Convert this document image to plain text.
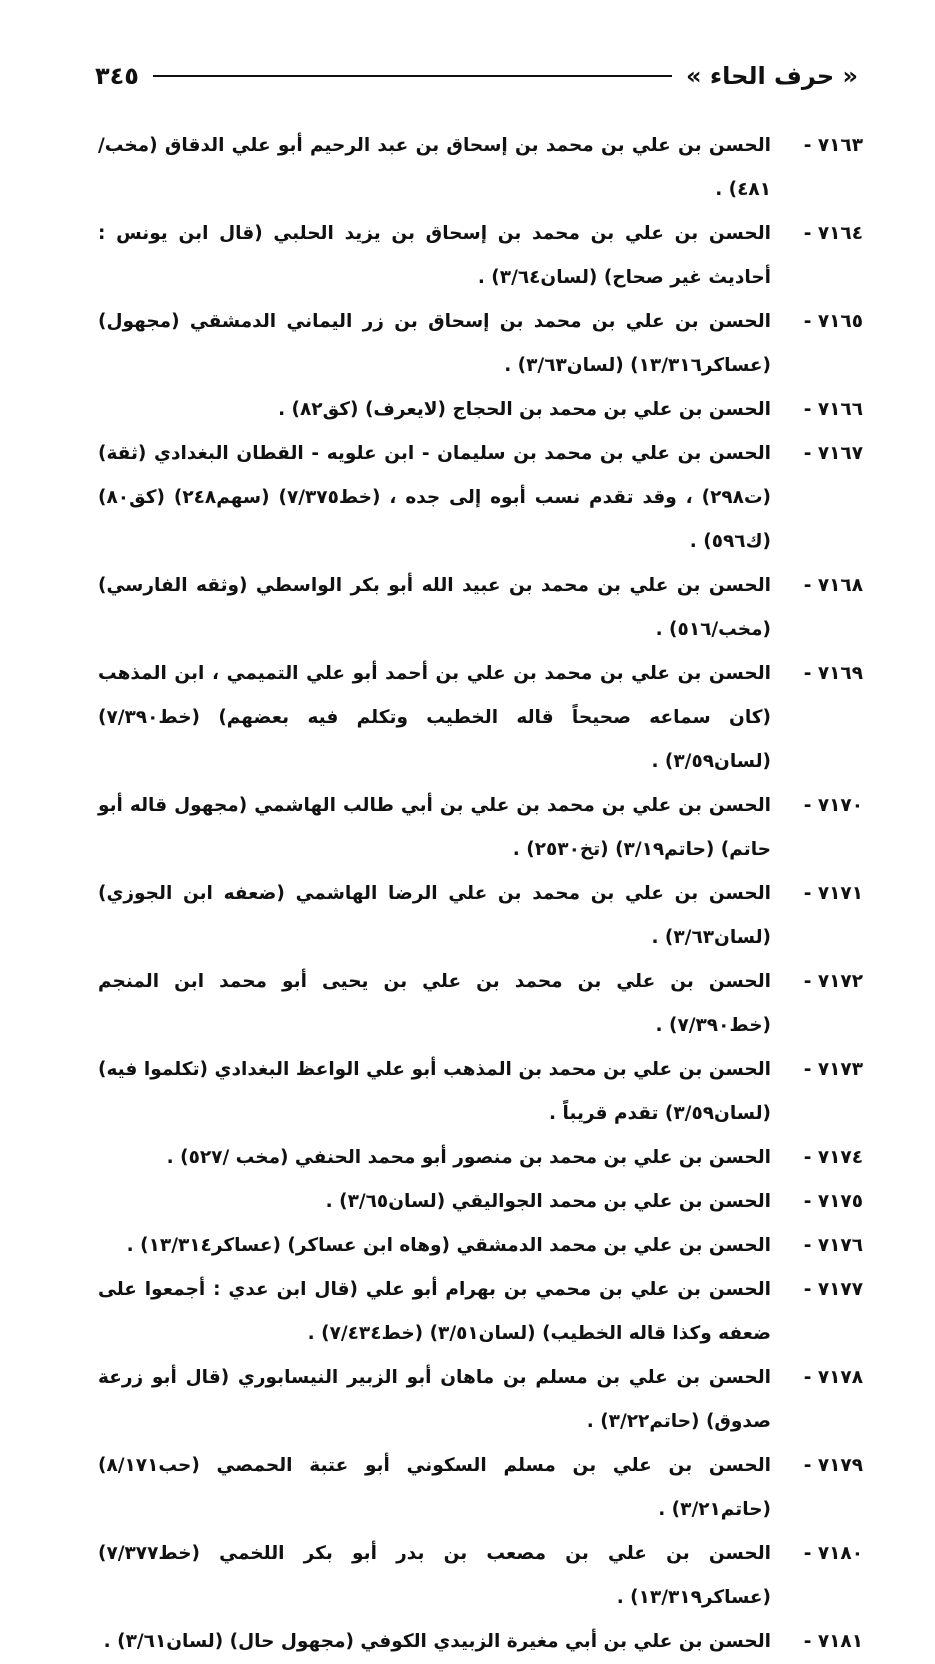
« حرف الحاء »
٣٤٥
٧١٦٣ -
الحسن بن علي بن محمد بن إسحاق بن عبد الرحيم أبو علي الدقاق (مخب/٤٨١) .
٧١٦٤ -
الحسن بن علي بن محمد بن إسحاق بن يزيد الحلبي (قال ابن يونس : أحاديث غير صحاح) (لسان٣/٦٤) .
٧١٦٥ -
الحسن بن علي بن محمد بن إسحاق بن زر اليماني الدمشقي (مجهول) (عساكر١٣/٣١٦) (لسان٣/٦٣) .
٧١٦٦ -
الحسن بن علي بن محمد بن الحجاج (لايعرف) (كق٨٢) .
٧١٦٧ -
الحسن بن علي بن محمد بن سليمان - ابن علويه - القطان البغدادي (ثقة) (ت٢٩٨) ، وقد تقدم نسب أبوه إلى جده ، (خط٧/٣٧٥) (سهم٢٤٨) (كق٨٠) (ك٥٩٦) .
٧١٦٨ -
الحسن بن علي بن محمد بن عبيد الله أبو بكر الواسطي (وثقه الفارسي) (مخب/٥١٦) .
٧١٦٩ -
الحسن بن علي بن محمد بن علي بن أحمد أبو علي التميمي ، ابن المذهب (كان سماعه صحيحاً قاله الخطيب وتكلم فيه بعضهم) (خط٧/٣٩٠) (لسان٣/٥٩) .
٧١٧٠ -
الحسن بن علي بن محمد بن علي بن أبي طالب الهاشمي (مجهول قاله أبو حاتم) (حاتم٣/١٩) (تخ٢٥٣٠) .
٧١٧١ -
الحسن بن علي بن محمد بن علي الرضا الهاشمي (ضعفه ابن الجوزي) (لسان٣/٦٣) .
٧١٧٢ -
الحسن بن علي بن محمد بن علي بن يحيى أبو محمد ابن المنجم (خط٧/٣٩٠) .
٧١٧٣ -
الحسن بن علي بن محمد بن المذهب أبو علي الواعظ البغدادي (تكلموا فيه) (لسان٣/٥٩) تقدم قريباً .
٧١٧٤ -
الحسن بن علي بن محمد بن منصور أبو محمد الحنفي (مخب /٥٢٧) .
٧١٧٥ -
الحسن بن علي بن محمد الجواليقي (لسان٣/٦٥) .
٧١٧٦ -
الحسن بن علي بن محمد الدمشقي (وهاه ابن عساكر) (عساكر١٣/٣١٤) .
٧١٧٧ -
الحسن بن علي بن محمي بن بهرام أبو علي (قال ابن عدي : أجمعوا على ضعفه وكذا قاله الخطيب) (لسان٣/٥١) (خط٧/٤٣٤) .
٧١٧٨ -
الحسن بن علي بن مسلم بن ماهان أبو الزبير النيسابوري (قال أبو زرعة صدوق) (حاتم٣/٢٢) .
٧١٧٩ -
الحسن بن علي بن مسلم السكوني أبو عتبة الحمصي (حب٨/١٧١) (حاتم٣/٢١) .
٧١٨٠ -
الحسن بن علي بن مصعب بن بدر أبو بكر اللخمي (خط٧/٣٧٧) (عساكر١٣/٣١٩) .
٧١٨١ -
الحسن بن علي بن أبي مغيرة الزبيدي الكوفي (مجهول حال) (لسان٣/٦١) .
